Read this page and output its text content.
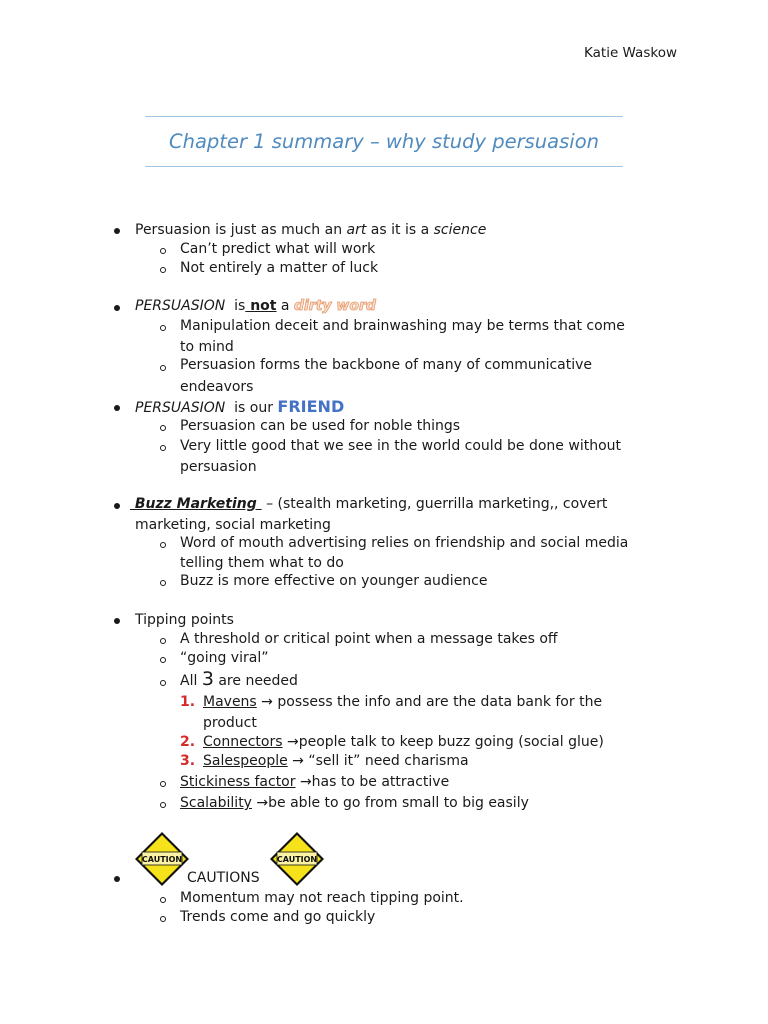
Katie Waskow
Chapter 1 summary – why study persuasion
Persuasion is just as much an art as it is a science
Can’t predict what will work
Not entirely a matter of luck
PERSUASION  is not a dirty word
Manipulation deceit and brainwashing may be terms that come
to mind
Persuasion forms the backbone of many of communicative
endeavors
PERSUASION  is our FRIEND
Persuasion can be used for noble things
Very little good that we see in the world could be done without
persuasion
Buzz Marketing  – (stealth marketing, guerrilla marketing,, covert
marketing, social marketing
Word of mouth advertising relies on friendship and social media
telling them what to do
Buzz is more effective on younger audience
Tipping points
A threshold or critical point when a message takes off
“going viral”
All 3 are needed
1. Mavens → possess the info and are the data bank for the
product
2. Connectors →people talk to keep buzz going (social glue)
3. Salespeople → “sell it” need charisma
Stickiness factor →has to be attractive
Scalability →be able to go from small to big easily
CAUTION	CAUTION
CAUTIONS
Momentum may not reach tipping point.
Trends come and go quickly
